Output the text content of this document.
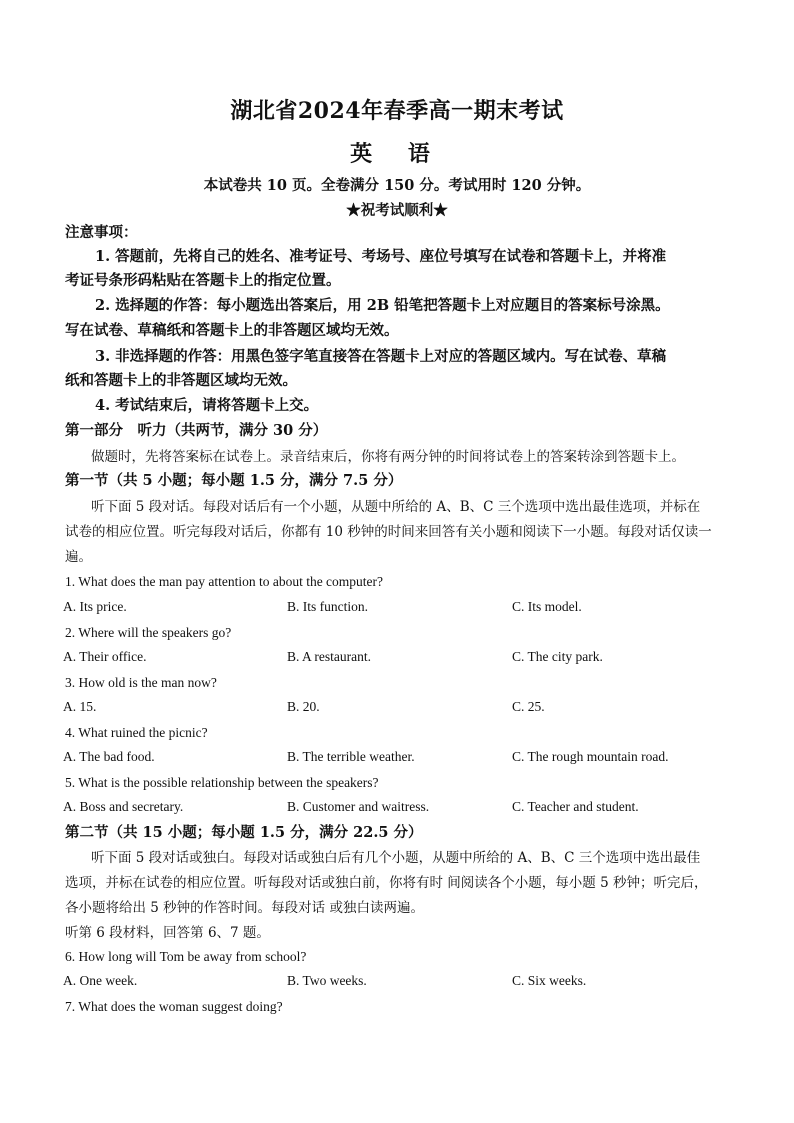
湖北省2024年春季高一期末考试
英 语
本试卷共 10 页。全卷满分 150 分。考试用时 120 分钟。
★祝考试顺利★
注意事项：
1. 答题前，先将自己的姓名、准考证号、考场号、座位号填写在试卷和答题卡上，并将准
考证号条形码粘贴在答题卡上的指定位置。
2. 选择题的作答：每小题选出答案后，用 2B 铅笔把答题卡上对应题目的答案标号涂黑。
写在试卷、草稿纸和答题卡上的非答题区域均无效。
3. 非选择题的作答：用黑色签字笔直接答在答题卡上对应的答题区域内。写在试卷、草稿
纸和答题卡上的非答题区域均无效。
4. 考试结束后，请将答题卡上交。
第一部分　听力（共两节，满分 30 分）
做题时，先将答案标在试卷上。录音结束后，你将有两分钟的时间将试卷上的答案转涂到答题卡上。
第一节（共 5 小题；每小题 1.5 分，满分 7.5 分）
听下面 5 段对话。每段对话后有一个小题，从题中所给的 A、B、C 三个选项中选出最佳选项，并标在
试卷的相应位置。听完每段对话后，你都有 10 秒钟的时间来回答有关小题和阅读下一小题。每段对话仅读一
遍。
1. What does the man pay attention to about the computer?
A. Its price.	B. Its function.	C. Its model.
2. Where will the speakers go?
A. Their office.	B. A restaurant.	C. The city park.
3. How old is the man now?
A. 15.	B. 20.	C. 25.
4. What ruined the picnic?
A. The bad food.	B. The terrible weather.	C. The rough mountain road.
5. What is the possible relationship between the speakers?
A. Boss and secretary.	B. Customer and waitress.	C. Teacher and student.
第二节（共 15 小题；每小题 1.5 分，满分 22.5 分）
听下面 5 段对话或独白。每段对话或独白后有几个小题，从题中所给的 A、B、C 三个选项中选出最佳
选项，并标在试卷的相应位置。听每段对话或独白前，你将有时 间阅读各个小题，每小题 5 秒钟；听完后，
各小题将给出 5 秒钟的作答时间。每段对话 或独白读两遍。
听第 6 段材料，回答第 6、7 题。
6. How long will Tom be away from school?
A. One week.	B. Two weeks.	C. Six weeks.
7. What does the woman suggest doing?
